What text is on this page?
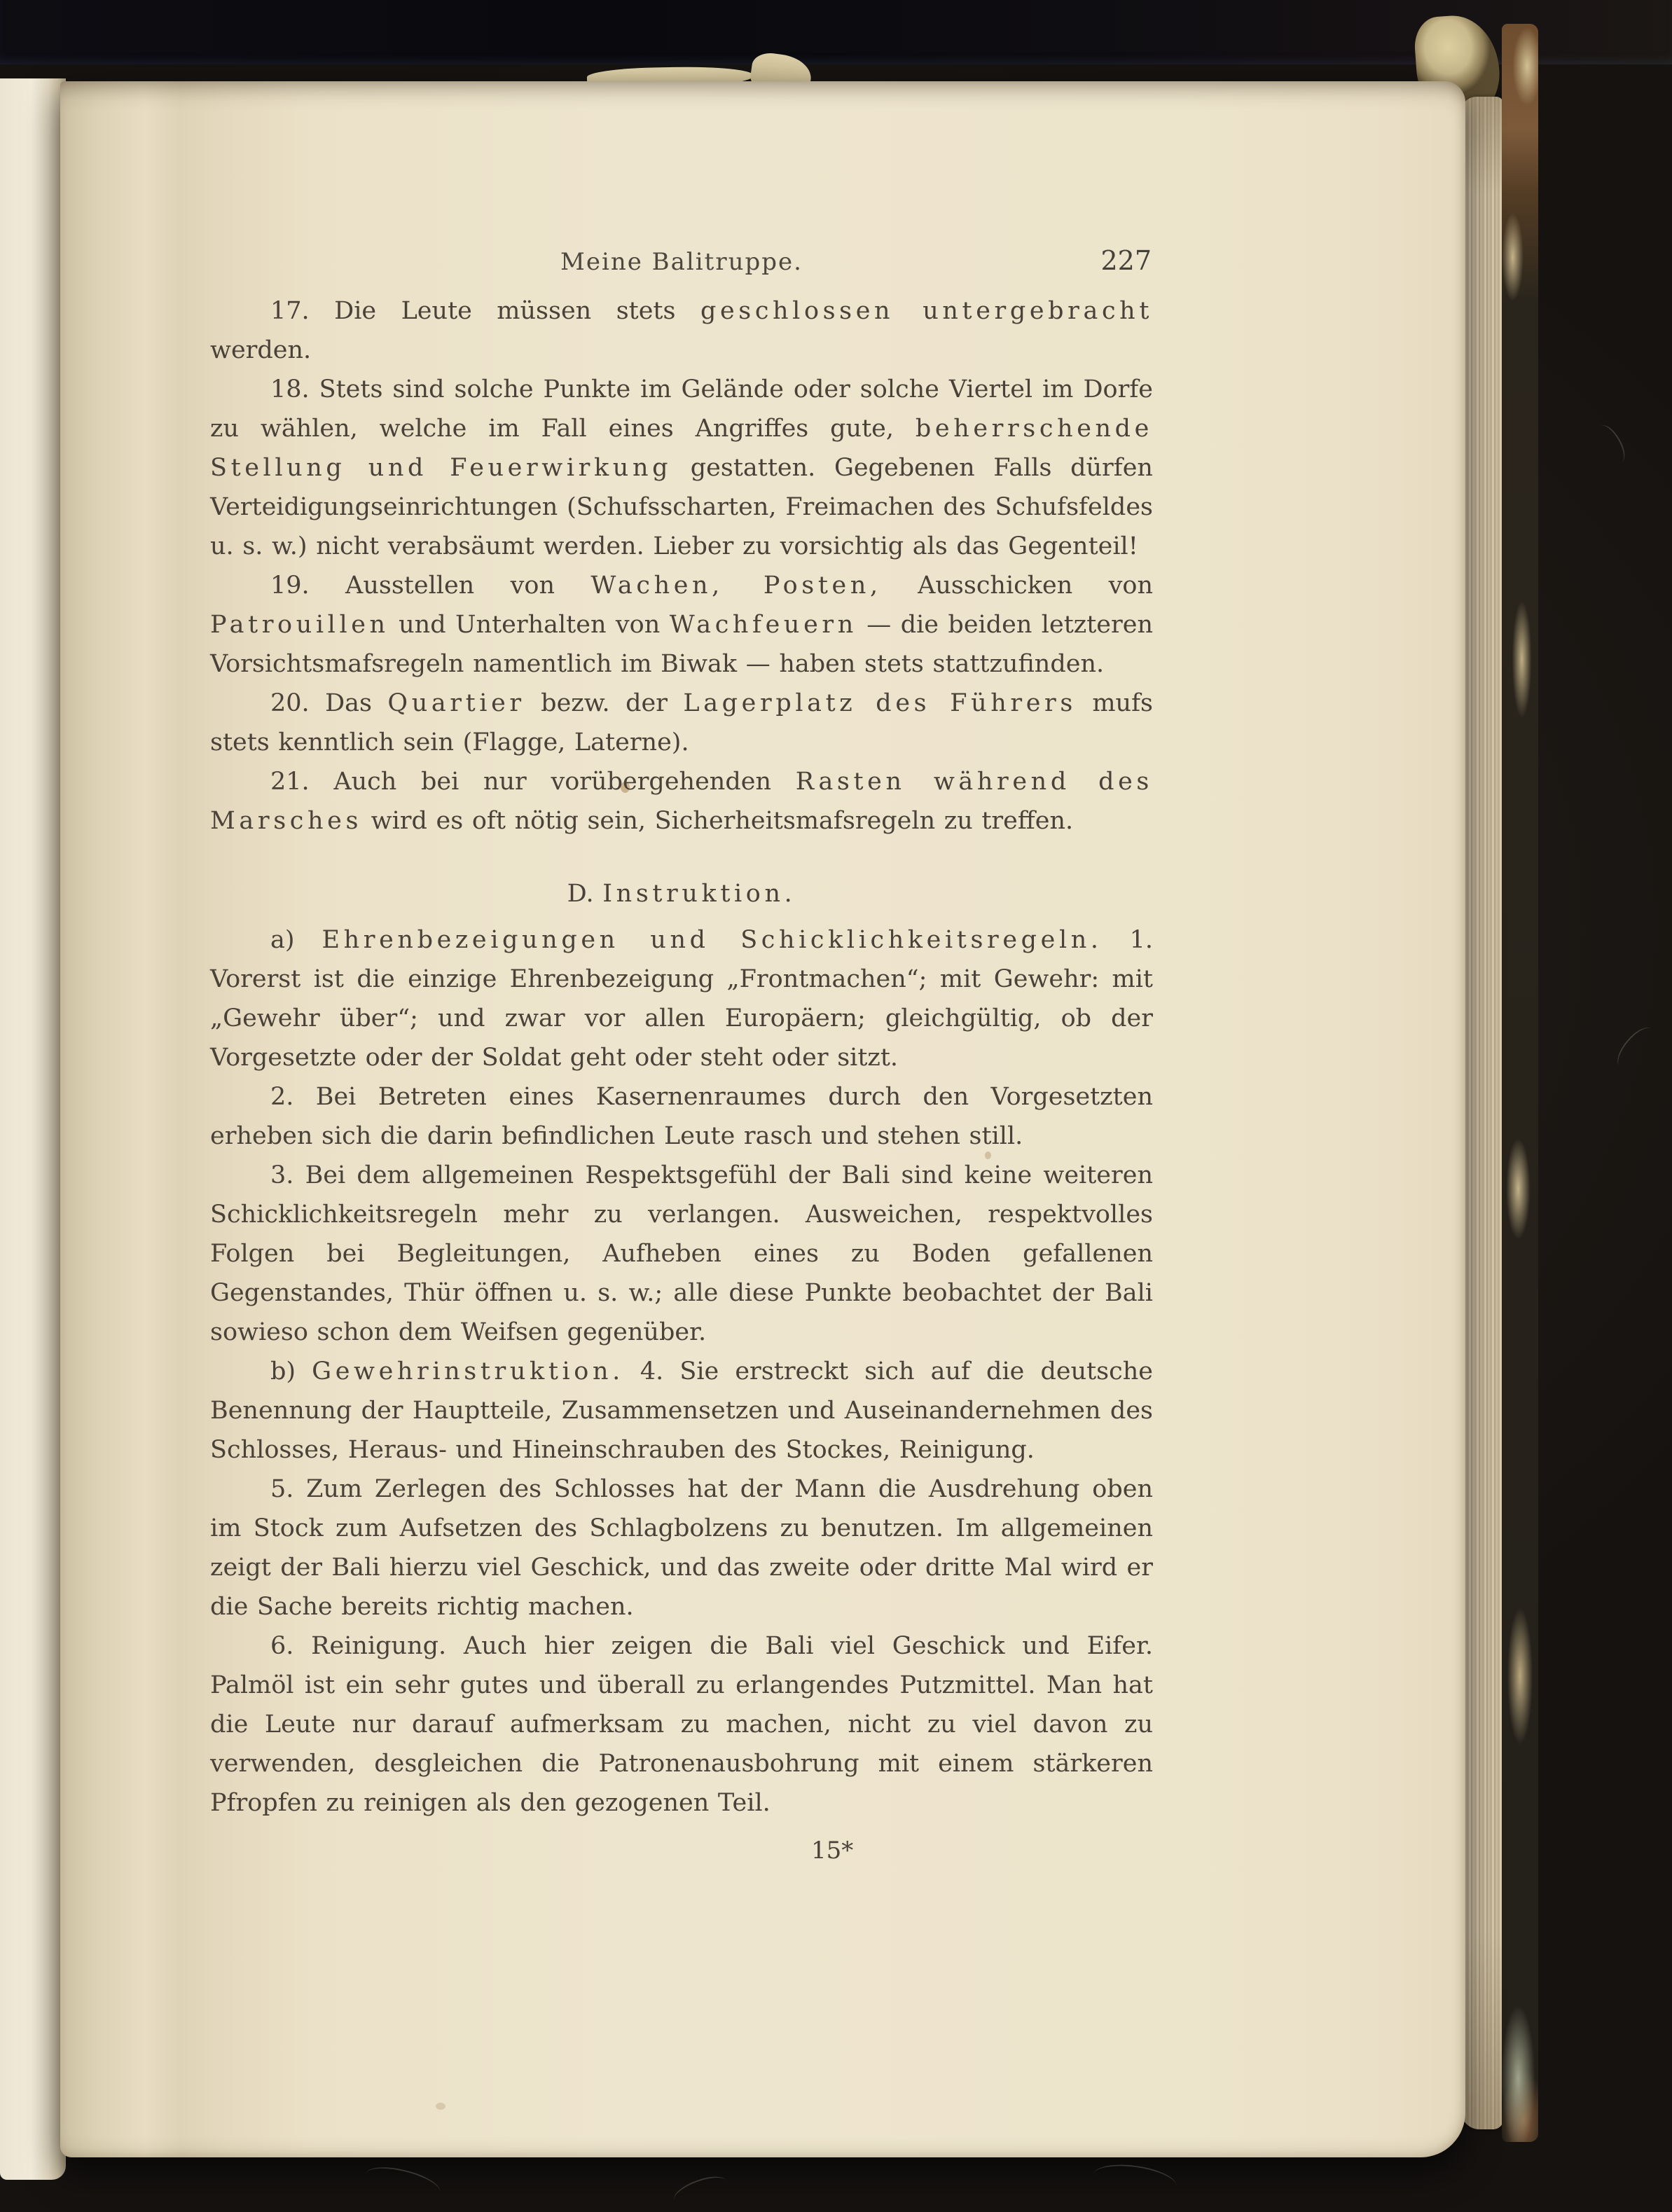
Meine Balitruppe.	227
17. Die Leute müssen stets geschlossen untergebracht werden.
18. Stets sind solche Punkte im Gelände oder solche Viertel im Dorfe zu wählen, welche im Fall eines Angriffes gute, beherrschende Stellung und Feuerwirkung gestatten. Gegebenen Falls dürfen Verteidigungseinrichtungen (Schufsscharten, Freimachen des Schufsfeldes u. s. w.) nicht verabsäumt werden. Lieber zu vorsichtig als das Gegenteil!
19. Ausstellen von Wachen, Posten, Ausschicken von Patrouillen und Unterhalten von Wachfeuern — die beiden letzteren Vorsichtsmafsregeln namentlich im Biwak — haben stets stattzufinden.
20. Das Quartier bezw. der Lagerplatz des Führers mufs stets kenntlich sein (Flagge, Laterne).
21. Auch bei nur vorübergehenden Rasten während des Marsches wird es oft nötig sein, Sicherheitsmafsregeln zu treffen.
D. Instruktion.
a) Ehrenbezeigungen und Schicklichkeitsregeln. 1. Vorerst ist die einzige Ehrenbezeigung „Frontmachen“; mit Gewehr: mit „Gewehr über“; und zwar vor allen Europäern; gleichgültig, ob der Vorgesetzte oder der Soldat geht oder steht oder sitzt.
2. Bei Betreten eines Kasernenraumes durch den Vorgesetzten erheben sich die darin befindlichen Leute rasch und stehen still.
3. Bei dem allgemeinen Respektsgefühl der Bali sind keine weiteren Schicklichkeitsregeln mehr zu verlangen. Ausweichen, respektvolles Folgen bei Begleitungen, Aufheben eines zu Boden gefallenen Gegenstandes, Thür öffnen u. s. w.; alle diese Punkte beobachtet der Bali sowieso schon dem Weifsen gegenüber.
b) Gewehrinstruktion. 4. Sie erstreckt sich auf die deutsche Benennung der Hauptteile, Zusammensetzen und Auseinandernehmen des Schlosses, Heraus- und Hineinschrauben des Stockes, Reinigung.
5. Zum Zerlegen des Schlosses hat der Mann die Ausdrehung oben im Stock zum Aufsetzen des Schlagbolzens zu benutzen. Im allgemeinen zeigt der Bali hierzu viel Geschick, und das zweite oder dritte Mal wird er die Sache bereits richtig machen.
6. Reinigung. Auch hier zeigen die Bali viel Geschick und Eifer. Palmöl ist ein sehr gutes und überall zu erlangendes Putzmittel. Man hat die Leute nur darauf aufmerksam zu machen, nicht zu viel davon zu verwenden, desgleichen die Patronenausbohrung mit einem stärkeren Pfropfen zu reinigen als den gezogenen Teil.
15*
